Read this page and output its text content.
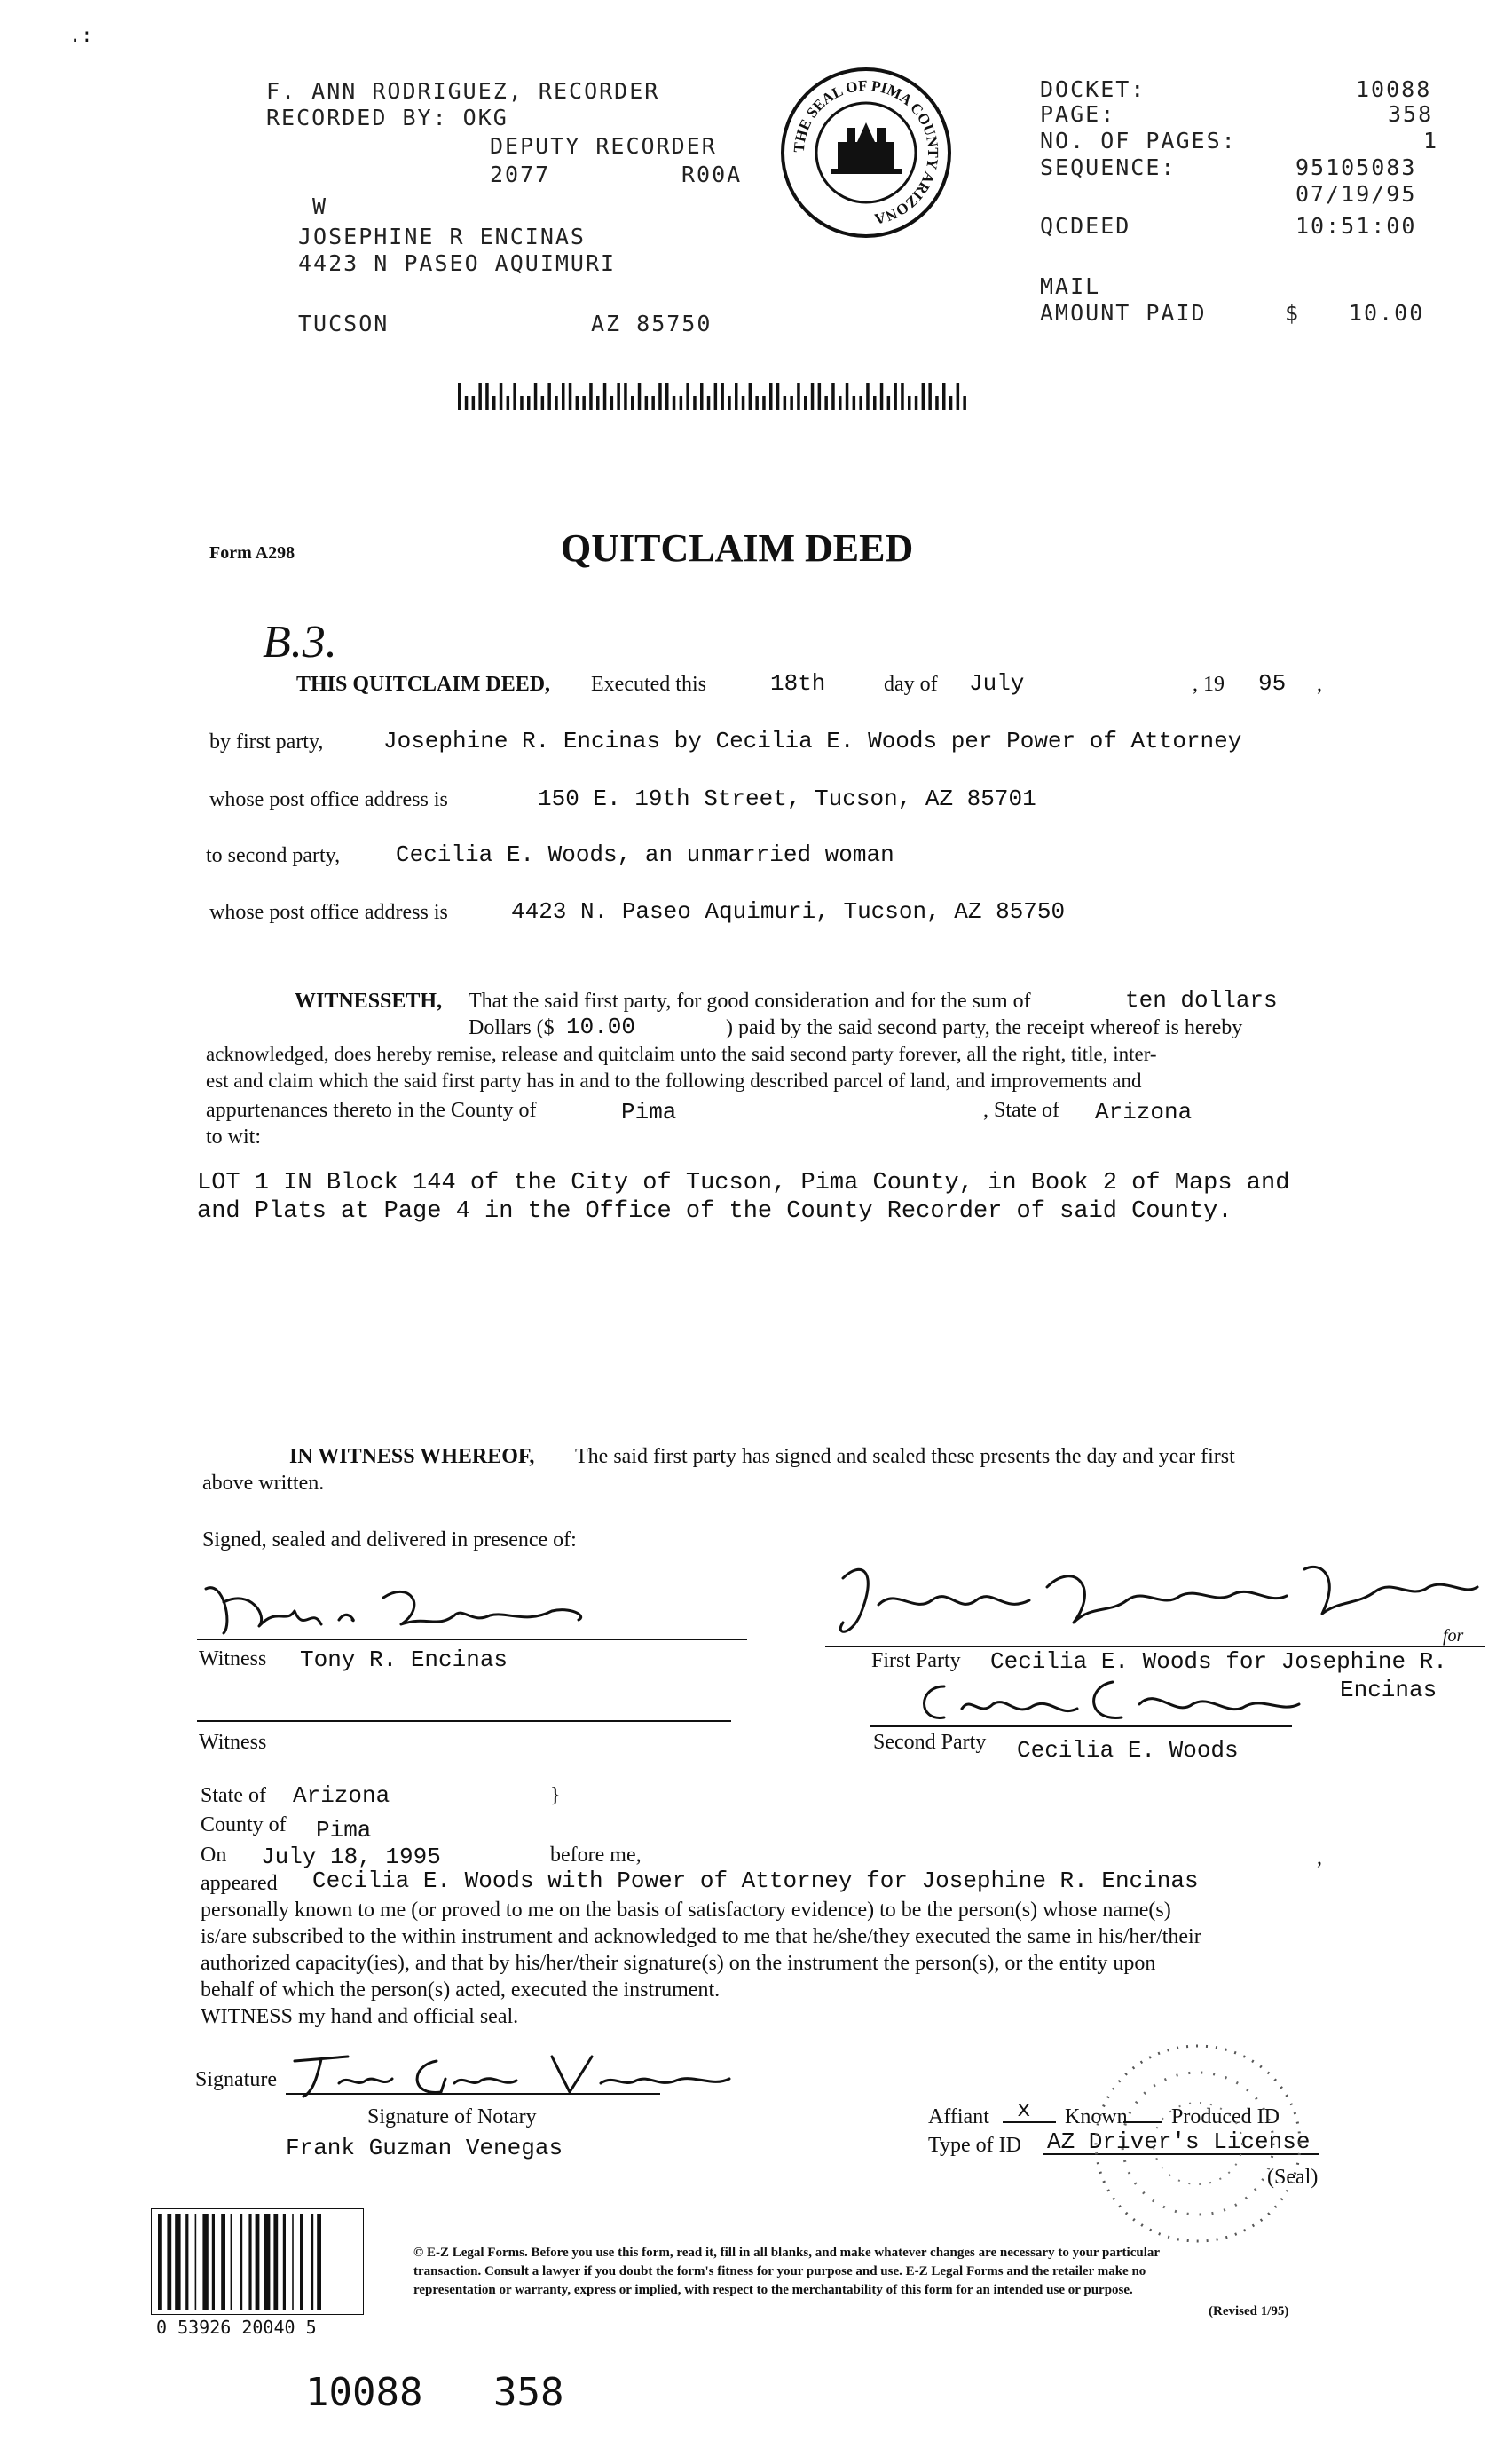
.:
F. ANN RODRIGUEZ, RECORDER
RECORDED BY: OKG
DEPUTY RECORDER
2077	R00A
W
JOSEPHINE R ENCINAS
4423 N PASEO AQUIMURI
TUCSON	AZ 85750
THE SEAL OF PIMA COUNTY ARIZONA
DOCKET:	10088
PAGE:	358
NO. OF PAGES:	1
SEQUENCE:	95105083
07/19/95
QCDEED	10:51:00
MAIL
AMOUNT PAID	$ 10.00
Form A298	QUITCLAIM DEED
B.3.
THIS QUITCLAIM DEED, Executed this	18th	day of July	, 19 95 ,
by first party,	Josephine R. Encinas by Cecilia E. Woods per Power of Attorney
whose post office address is	150 E. 19th Street, Tucson, AZ 85701
to second party, Cecilia E. Woods, an unmarried woman
whose post office address is	4423 N. Paseo Aquimuri, Tucson, AZ 85750
WITNESSETH, That the said first party, for good consideration and for the sum of	ten dollars
Dollars ($ 10.00	) paid by the said second party, the receipt whereof is hereby
acknowledged, does hereby remise, release and quitclaim unto the said second party forever, all the right, title, inter-
est and claim which the said first party has in and to the following described parcel of land, and improvements and
appurtenances thereto in the County of	Pima	, State of Arizona
to wit:
LOT 1 IN Block 144 of the City of Tucson, Pima County, in Book 2 of Maps and
and Plats at Page 4 in the Office of the County Recorder of said County.
IN WITNESS WHEREOF, The said first party has signed and sealed these presents the day and year first
above written.
Signed, sealed and delivered in presence of:
Witness Tony R. Encinas
Witness
First Party Cecilia E. Woods for Josephine R.
Encinas
for
Second Party Cecilia E. Woods
State of Arizona	}
County of Pima
On July 18, 1995	before me,	,
appeared Cecilia E. Woods with Power of Attorney for Josephine R. Encinas
personally known to me (or proved to me on the basis of satisfactory evidence) to be the person(s) whose name(s)
is/are subscribed to the within instrument and acknowledged to me that he/she/they executed the same in his/her/their
authorized capacity(ies), and that by his/her/their signature(s) on the instrument the person(s), or the entity upon
behalf of which the person(s) acted, executed the instrument.
WITNESS my hand and official seal.
Signature
Signature of Notary
Frank Guzman Venegas
Affiant x Known Produced ID
Type of ID AZ Driver's License
(Seal)
0 53926 20040 5
© E-Z Legal Forms. Before you use this form, read it, fill in all blanks, and make whatever changes are necessary to your particular
transaction. Consult a lawyer if you doubt the form's fitness for your purpose and use. E-Z Legal Forms and the retailer make no
representation or warranty, express or implied, with respect to the merchantability of this form for an intended use or purpose.
(Revised 1/95)
10088 358
